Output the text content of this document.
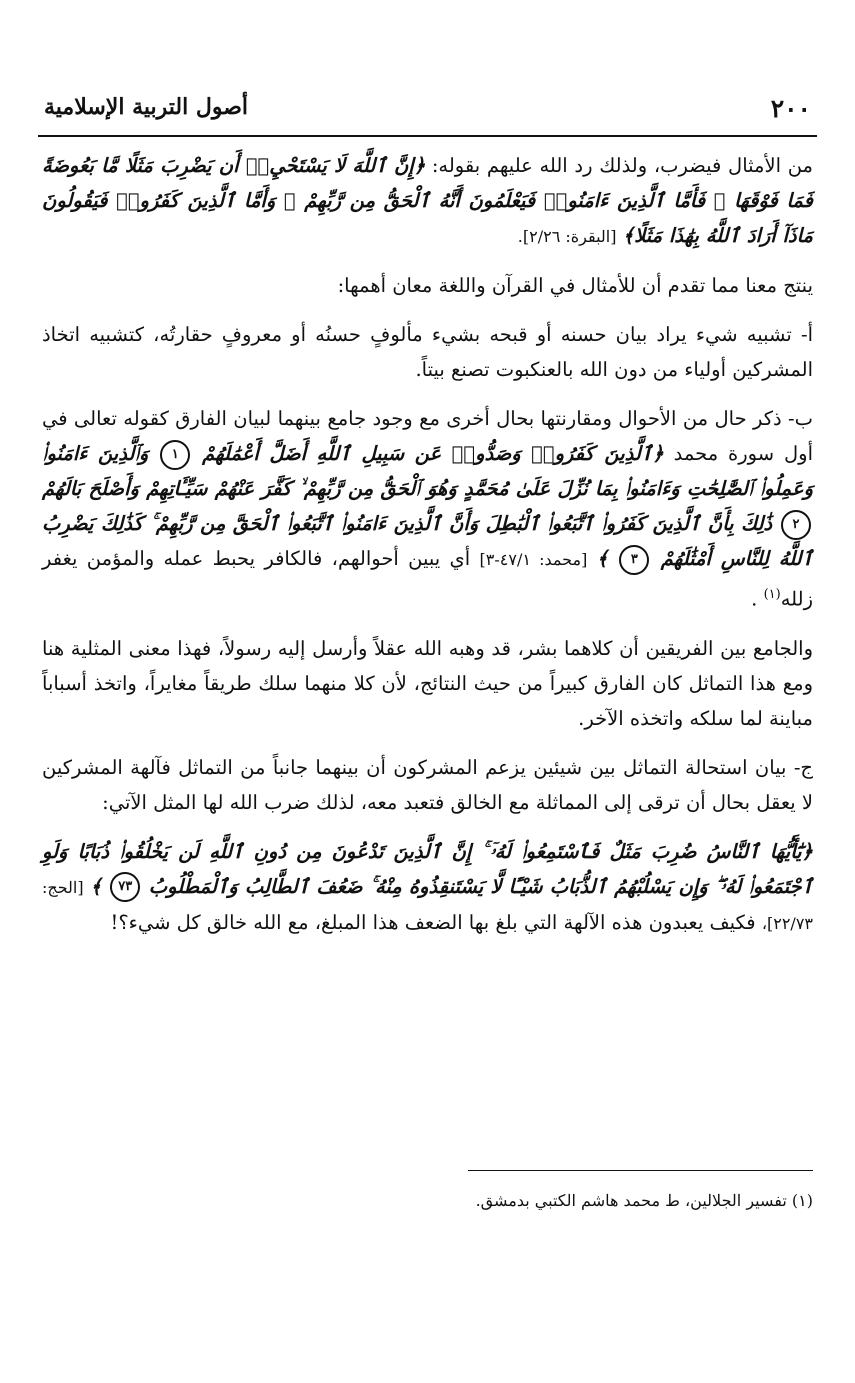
٢٠٠
أصول التربية الإسلامية

من الأمثال فيضرب، ولذلك رد الله عليهم بقوله: ﴿إِنَّ ٱللَّهَ لَا يَسْتَحْيِۦٓ أَن يَضْرِبَ مَثَلًا مَّا بَعُوضَةً فَمَا فَوْقَهَا ۚ فَأَمَّا ٱلَّذِينَ ءَامَنُوا۟ فَيَعْلَمُونَ أَنَّهُ ٱلْحَقُّ مِن رَّبِّهِمْ ۖ وَأَمَّا ٱلَّذِينَ كَفَرُوا۟ فَيَقُولُونَ مَاذَآ أَرَادَ ٱللَّهُ بِهَٰذَا مَثَلًا﴾ [البقرة: ٢/٢٦].

ينتج معنا مما تقدم أن للأمثال في القرآن واللغة معان أهمها:

أ- تشبيه شيء يراد بيان حسنه أو قبحه بشيء مألوفٍ حسنُه أو معروفٍ حقارتُه، كتشبيه اتخاذ المشركين أولياء من دون الله بالعنكبوت تصنع بيتاً.

ب- ذكر حال من الأحوال ومقارنتها بحال أخرى مع وجود جامع بينهما لبيان الفارق كقوله تعالى في أول سورة محمد ﴿ٱلَّذِينَ كَفَرُوا۟ وَصَدُّوا۟ عَن سَبِيلِ ٱللَّهِ أَضَلَّ أَعْمَٰلَهُمْ ١ وَٱلَّذِينَ ءَامَنُوا۟ وَعَمِلُوا۟ ٱلصَّٰلِحَٰتِ وَءَامَنُوا۟ بِمَا نُزِّلَ عَلَىٰ مُحَمَّدٍ وَهُوَ ٱلْحَقُّ مِن رَّبِّهِمْ ۙ كَفَّرَ عَنْهُمْ سَيِّـَٔاتِهِمْ وَأَصْلَحَ بَالَهُمْ ٢ ذَٰلِكَ بِأَنَّ ٱلَّذِينَ كَفَرُوا۟ ٱتَّبَعُوا۟ ٱلْبَٰطِلَ وَأَنَّ ٱلَّذِينَ ءَامَنُوا۟ ٱتَّبَعُوا۟ ٱلْحَقَّ مِن رَّبِّهِمْ ۚ كَذَٰلِكَ يَضْرِبُ ٱللَّهُ لِلنَّاسِ أَمْثَٰلَهُمْ ٣ ﴾ [محمد: ٤٧/١-٣] أي يبين أحوالهم، فالكافر يحبط عمله والمؤمن يغفر زلله$^{(١)}$ .

والجامع بين الفريقين أن كلاهما بشر، قد وهبه الله عقلاً وأرسل إليه رسولاً، فهذا معنى المثلية هنا ومع هذا التماثل كان الفارق كبيراً من حيث النتائج، لأن كلا منهما سلك طريقاً مغايراً، واتخذ أسباباً مباينة لما سلكه واتخذه الآخر.

ج- بيان استحالة التماثل بين شيئين يزعم المشركون أن بينهما جانباً من التماثل فآلهة المشركين لا يعقل بحال أن ترقى إلى المماثلة مع الخالق فتعبد معه، لذلك ضرب الله لها المثل الآتي:

﴿يَٰٓأَيُّهَا ٱلنَّاسُ ضُرِبَ مَثَلٌ فَٱسْتَمِعُوا۟ لَهُۥٓ ۚ إِنَّ ٱلَّذِينَ تَدْعُونَ مِن دُونِ ٱللَّهِ لَن يَخْلُقُوا۟ ذُبَابًا وَلَوِ ٱجْتَمَعُوا۟ لَهُۥ ۖ وَإِن يَسْلُبْهُمُ ٱلذُّبَابُ شَيْـًٔا لَّا يَسْتَنقِذُوهُ مِنْهُ ۚ ضَعُفَ ٱلطَّالِبُ وَٱلْمَطْلُوبُ ٧٣ ﴾ [الحج: ٢٢/٧٣]، فكيف يعبدون هذه الآلهة التي بلغ بها الضعف هذا المبلغ، مع الله خالق كل شيء؟!

(١) تفسير الجلالين، ط محمد هاشم الكتبي بدمشق.
